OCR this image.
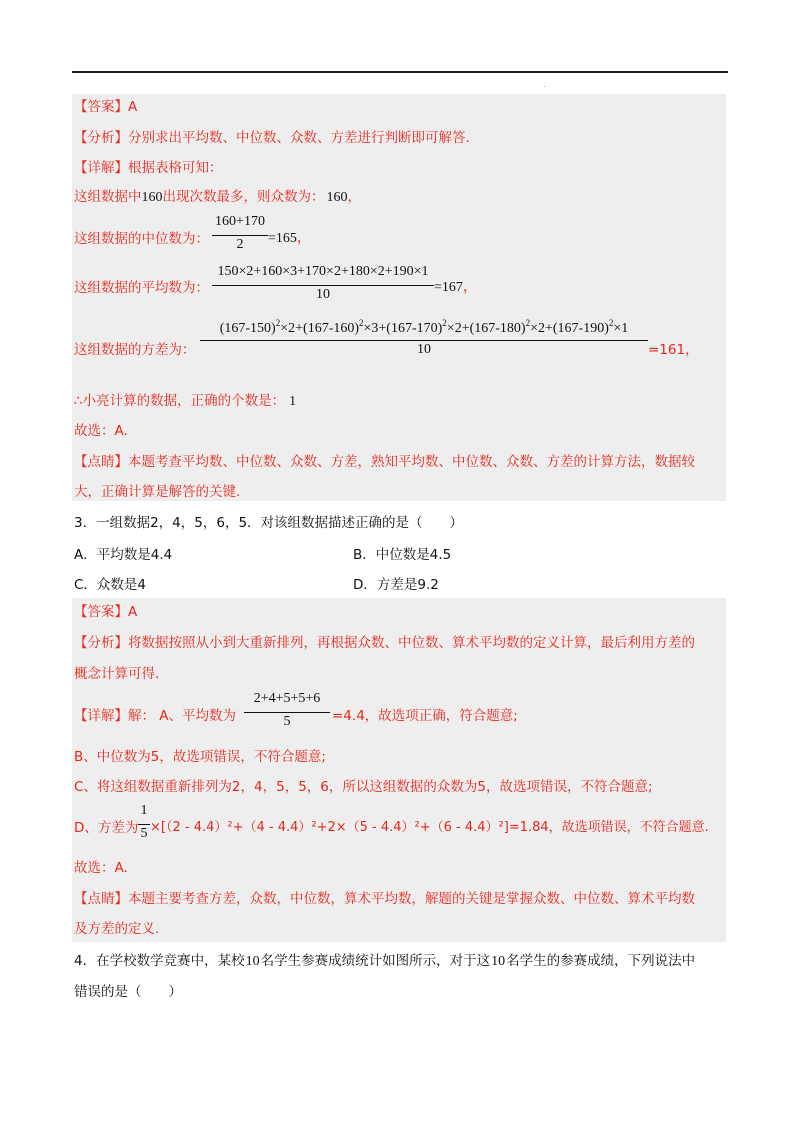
.
【答案】A
【分析】分别求出平均数、中位数、众数、方差进行判断即可解答.
【详解】根据表格可知：
这组数据中160出现次数最多，则众数为： 160，
这组数据的中位数为：
160+170
2	=165，
这组数据的平均数为：
150×2+160×3+170×2+180×2+190×1
10	=167，
这组数据的方差为：
$(167-150)^2\times 2+(167-160)^2\times 3+(167-170)^2\times 2+(167-180)^2\times 2+(167-190)^2\times 1$
10	=161，
∴小亮计算的数据，正确的个数是： 1
故选：A.
【点睛】本题考查平均数、中位数、众数、方差，熟知平均数、中位数、众数、方差的计算方法，数据较
大，正确计算是解答的关键.
3．一组数据2，4，5，6，5．对该组数据描述正确的是（　　）
A．平均数是4.4	B．中位数是4.5
C．众数是4	D．方差是9.2
【答案】A
【分析】将数据按照从小到大重新排列，再根据众数、中位数、算术平均数的定义计算，最后利用方差的
概念计算可得.
【详解】解： A、平均数为
2+4+5+5+6
5	=4.4，故选项正确，符合题意;
B、中位数为5，故选项错误，不符合题意;
C、将这组数据重新排列为2，4，5，5，6，所以这组数据的众数为5，故选项错误，不符合题意;
D、方差为
1
5 ×[（2 - 4.4）²+（4 - 4.4）²+2×（5 - 4.4）²+（6 - 4.4）²]=1.84，故选项错误，不符合题意.
故选：A.
【点睛】本题主要考查方差，众数，中位数，算术平均数，解题的关键是掌握众数、中位数、算术平均数
及方差的定义.
4．在学校数学竞赛中，某校10名学生参赛成绩统计如图所示，对于这10名学生的参赛成绩，下列说法中
错误的是（　　）
